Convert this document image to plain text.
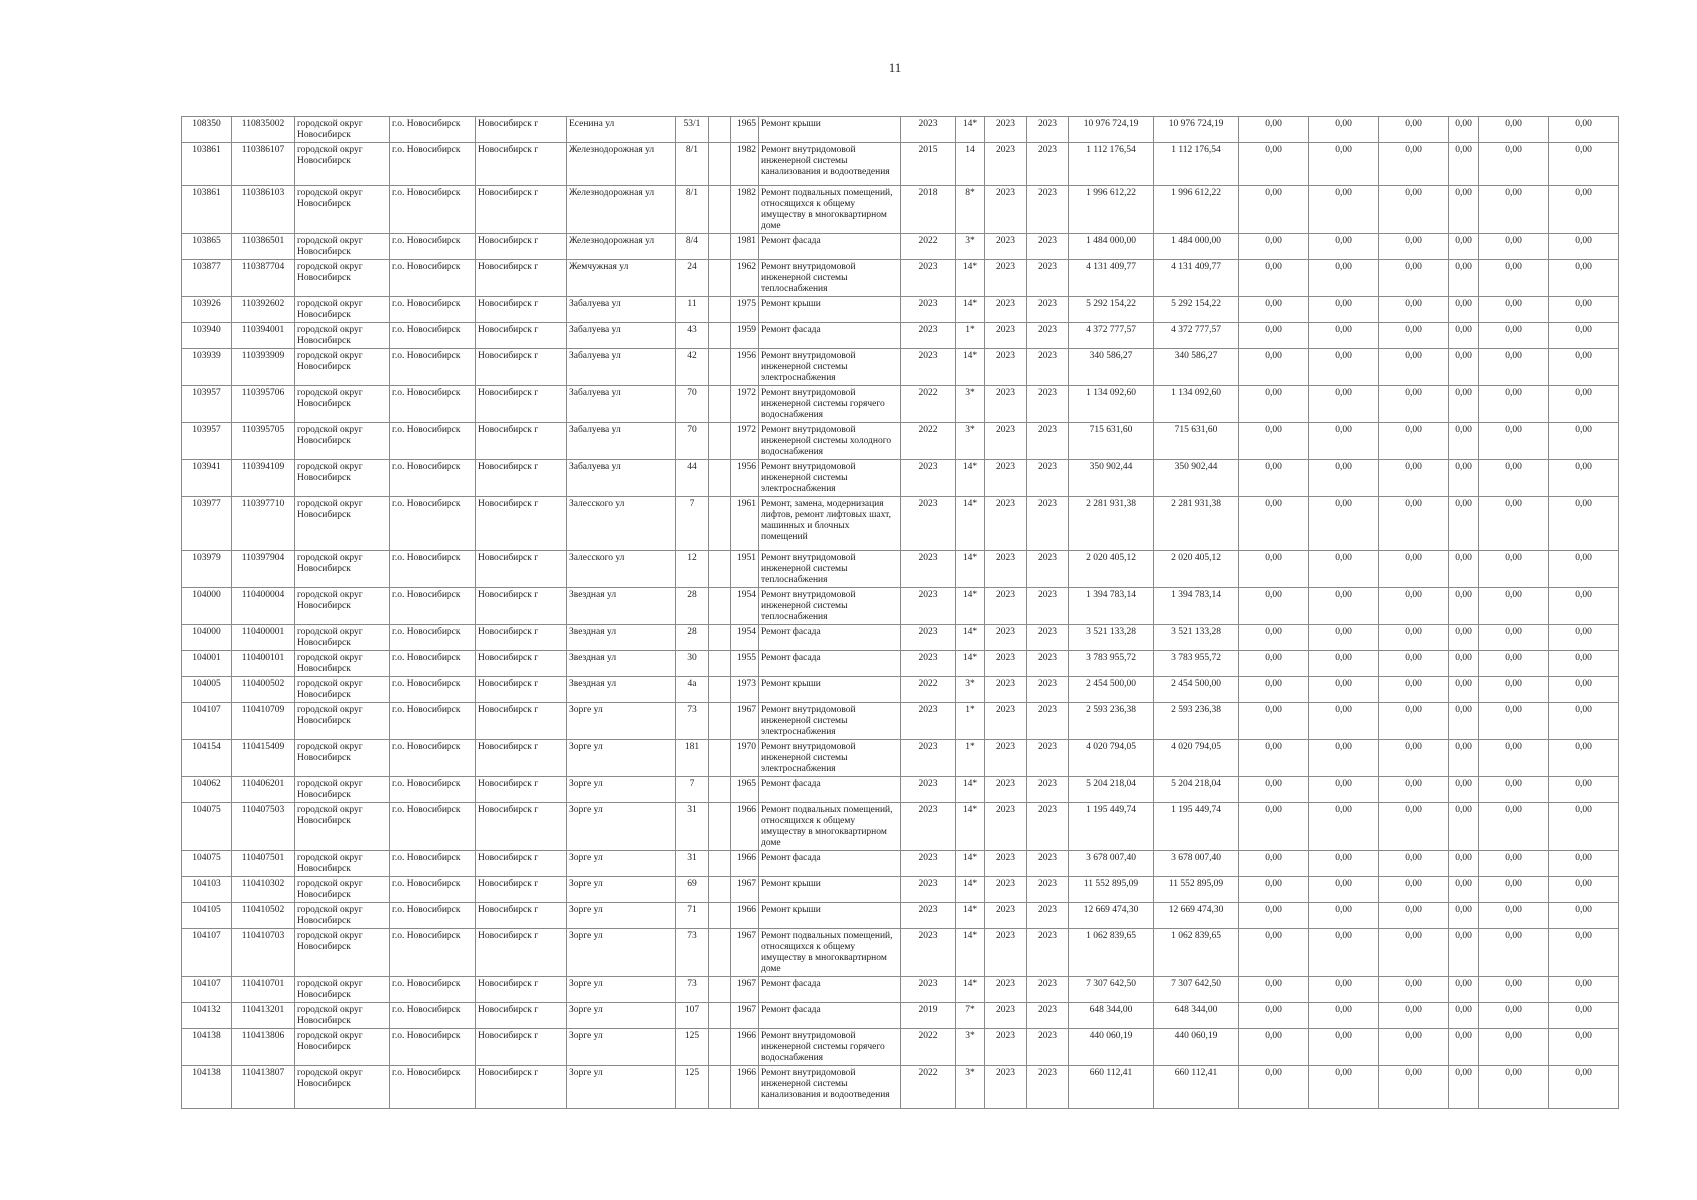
11
108350	110835002	городской округ Новосибирск	г.о. Новосибирск	Новосибирск г	Есенина ул	53/1		1965	Ремонт крыши	2023	14*	2023	2023	10 976 724,19	10 976 724,19	0,00	0,00	0,00	0,00	0,00	0,00
103861	110386107	городской округ Новосибирск	г.о. Новосибирск	Новосибирск г	Железнодорожная ул	8/1		1982	Ремонт внутридомовой инженерной системы канализования и водоотведения	2015	14	2023	2023	1 112 176,54	1 112 176,54	0,00	0,00	0,00	0,00	0,00	0,00
103861	110386103	городской округ Новосибирск	г.о. Новосибирск	Новосибирск г	Железнодорожная ул	8/1		1982	Ремонт подвальных помещений, относящихся к общему имуществу в многоквартирном доме	2018	8*	2023	2023	1 996 612,22	1 996 612,22	0,00	0,00	0,00	0,00	0,00	0,00
103865	110386501	городской округ Новосибирск	г.о. Новосибирск	Новосибирск г	Железнодорожная ул	8/4		1981	Ремонт фасада	2022	3*	2023	2023	1 484 000,00	1 484 000,00	0,00	0,00	0,00	0,00	0,00	0,00
103877	110387704	городской округ Новосибирск	г.о. Новосибирск	Новосибирск г	Жемчужная ул	24		1962	Ремонт внутридомовой инженерной системы теплоснабжения	2023	14*	2023	2023	4 131 409,77	4 131 409,77	0,00	0,00	0,00	0,00	0,00	0,00
103926	110392602	городской округ Новосибирск	г.о. Новосибирск	Новосибирск г	Забалуева ул	11		1975	Ремонт крыши	2023	14*	2023	2023	5 292 154,22	5 292 154,22	0,00	0,00	0,00	0,00	0,00	0,00
103940	110394001	городской округ Новосибирск	г.о. Новосибирск	Новосибирск г	Забалуева ул	43		1959	Ремонт фасада	2023	1*	2023	2023	4 372 777,57	4 372 777,57	0,00	0,00	0,00	0,00	0,00	0,00
103939	110393909	городской округ Новосибирск	г.о. Новосибирск	Новосибирск г	Забалуева ул	42		1956	Ремонт внутридомовой инженерной системы электроснабжения	2023	14*	2023	2023	340 586,27	340 586,27	0,00	0,00	0,00	0,00	0,00	0,00
103957	110395706	городской округ Новосибирск	г.о. Новосибирск	Новосибирск г	Забалуева ул	70		1972	Ремонт внутридомовой инженерной системы горячего водоснабжения	2022	3*	2023	2023	1 134 092,60	1 134 092,60	0,00	0,00	0,00	0,00	0,00	0,00
103957	110395705	городской округ Новосибирск	г.о. Новосибирск	Новосибирск г	Забалуева ул	70		1972	Ремонт внутридомовой инженерной системы холодного водоснабжения	2022	3*	2023	2023	715 631,60	715 631,60	0,00	0,00	0,00	0,00	0,00	0,00
103941	110394109	городской округ Новосибирск	г.о. Новосибирск	Новосибирск г	Забалуева ул	44		1956	Ремонт внутридомовой инженерной системы электроснабжения	2023	14*	2023	2023	350 902,44	350 902,44	0,00	0,00	0,00	0,00	0,00	0,00
103977	110397710	городской округ Новосибирск	г.о. Новосибирск	Новосибирск г	Залесского ул	7		1961	Ремонт, замена, модернизация лифтов, ремонт лифтовых шахт, машинных и блочных помещений	2023	14*	2023	2023	2 281 931,38	2 281 931,38	0,00	0,00	0,00	0,00	0,00	0,00
103979	110397904	городской округ Новосибирск	г.о. Новосибирск	Новосибирск г	Залесского ул	12		1951	Ремонт внутридомовой инженерной системы теплоснабжения	2023	14*	2023	2023	2 020 405,12	2 020 405,12	0,00	0,00	0,00	0,00	0,00	0,00
104000	110400004	городской округ Новосибирск	г.о. Новосибирск	Новосибирск г	Звездная ул	28		1954	Ремонт внутридомовой инженерной системы теплоснабжения	2023	14*	2023	2023	1 394 783,14	1 394 783,14	0,00	0,00	0,00	0,00	0,00	0,00
104000	110400001	городской округ Новосибирск	г.о. Новосибирск	Новосибирск г	Звездная ул	28		1954	Ремонт фасада	2023	14*	2023	2023	3 521 133,28	3 521 133,28	0,00	0,00	0,00	0,00	0,00	0,00
104001	110400101	городской округ Новосибирск	г.о. Новосибирск	Новосибирск г	Звездная ул	30		1955	Ремонт фасада	2023	14*	2023	2023	3 783 955,72	3 783 955,72	0,00	0,00	0,00	0,00	0,00	0,00
104005	110400502	городской округ Новосибирск	г.о. Новосибирск	Новосибирск г	Звездная ул	4а		1973	Ремонт крыши	2022	3*	2023	2023	2 454 500,00	2 454 500,00	0,00	0,00	0,00	0,00	0,00	0,00
104107	110410709	городской округ Новосибирск	г.о. Новосибирск	Новосибирск г	Зорге ул	73		1967	Ремонт внутридомовой инженерной системы электроснабжения	2023	1*	2023	2023	2 593 236,38	2 593 236,38	0,00	0,00	0,00	0,00	0,00	0,00
104154	110415409	городской округ Новосибирск	г.о. Новосибирск	Новосибирск г	Зорге ул	181		1970	Ремонт внутридомовой инженерной системы электроснабжения	2023	1*	2023	2023	4 020 794,05	4 020 794,05	0,00	0,00	0,00	0,00	0,00	0,00
104062	110406201	городской округ Новосибирск	г.о. Новосибирск	Новосибирск г	Зорге ул	7		1965	Ремонт фасада	2023	14*	2023	2023	5 204 218,04	5 204 218,04	0,00	0,00	0,00	0,00	0,00	0,00
104075	110407503	городской округ Новосибирск	г.о. Новосибирск	Новосибирск г	Зорге ул	31		1966	Ремонт подвальных помещений, относящихся к общему имуществу в многоквартирном доме	2023	14*	2023	2023	1 195 449,74	1 195 449,74	0,00	0,00	0,00	0,00	0,00	0,00
104075	110407501	городской округ Новосибирск	г.о. Новосибирск	Новосибирск г	Зорге ул	31		1966	Ремонт фасада	2023	14*	2023	2023	3 678 007,40	3 678 007,40	0,00	0,00	0,00	0,00	0,00	0,00
104103	110410302	городской округ Новосибирск	г.о. Новосибирск	Новосибирск г	Зорге ул	69		1967	Ремонт крыши	2023	14*	2023	2023	11 552 895,09	11 552 895,09	0,00	0,00	0,00	0,00	0,00	0,00
104105	110410502	городской округ Новосибирск	г.о. Новосибирск	Новосибирск г	Зорге ул	71		1966	Ремонт крыши	2023	14*	2023	2023	12 669 474,30	12 669 474,30	0,00	0,00	0,00	0,00	0,00	0,00
104107	110410703	городской округ Новосибирск	г.о. Новосибирск	Новосибирск г	Зорге ул	73		1967	Ремонт подвальных помещений, относящихся к общему имуществу в многоквартирном доме	2023	14*	2023	2023	1 062 839,65	1 062 839,65	0,00	0,00	0,00	0,00	0,00	0,00
104107	110410701	городской округ Новосибирск	г.о. Новосибирск	Новосибирск г	Зорге ул	73		1967	Ремонт фасада	2023	14*	2023	2023	7 307 642,50	7 307 642,50	0,00	0,00	0,00	0,00	0,00	0,00
104132	110413201	городской округ Новосибирск	г.о. Новосибирск	Новосибирск г	Зорге ул	107		1967	Ремонт фасада	2019	7*	2023	2023	648 344,00	648 344,00	0,00	0,00	0,00	0,00	0,00	0,00
104138	110413806	городской округ Новосибирск	г.о. Новосибирск	Новосибирск г	Зорге ул	125		1966	Ремонт внутридомовой инженерной системы горячего водоснабжения	2022	3*	2023	2023	440 060,19	440 060,19	0,00	0,00	0,00	0,00	0,00	0,00
104138	110413807	городской округ Новосибирск	г.о. Новосибирск	Новосибирск г	Зорге ул	125		1966	Ремонт внутридомовой инженерной системы канализования и водоотведения	2022	3*	2023	2023	660 112,41	660 112,41	0,00	0,00	0,00	0,00	0,00	0,00
